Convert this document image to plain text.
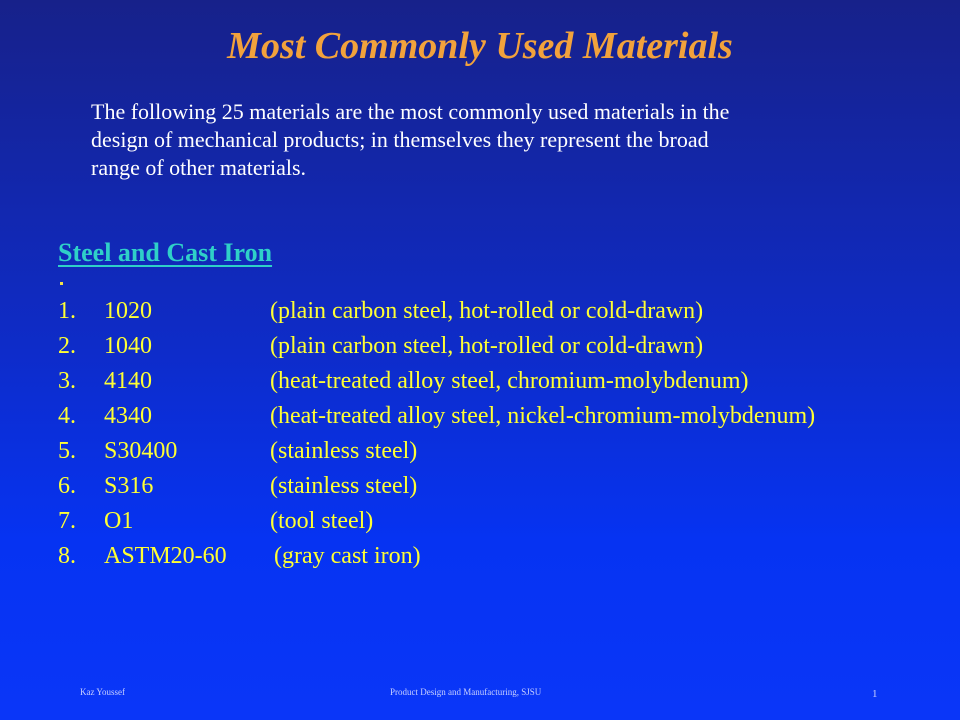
Most Commonly Used Materials
The following 25 materials are the most commonly used materials in the
design of mechanical products; in themselves they represent the broad
range of other materials.
Steel and Cast Iron
1. 1020	(plain carbon steel, hot-rolled or cold-drawn)
2. 1040	(plain carbon steel, hot-rolled or cold-drawn)
3. 4140	(heat-treated alloy steel, chromium-molybdenum)
4. 4340	(heat-treated alloy steel, nickel-chromium-molybdenum)
5. S30400	(stainless steel)
6. S316	(stainless steel)
7. O1	(tool steel)
8. ASTM20-60 (gray cast iron)
Kaz Youssef	Product Design and Manufacturing, SJSU	1
